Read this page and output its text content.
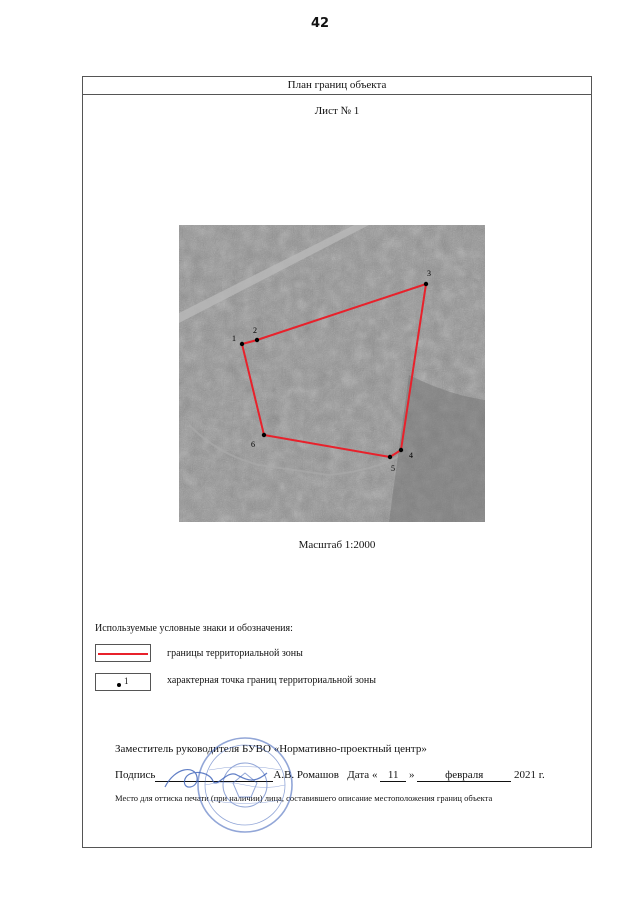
42
План границ объекта
Лист № 1
1
2
3
4
5
6
Масштаб 1:2000
Используемые условные знаки и обозначения:
границы территориальной зоны
1	характерная точка границ территориальной зоны
Заместитель руководителя БУВО «Нормативно-проектный центр»
Подпись	А.В. Ромашов Дата « 11 »	февраля	2021 г.
Место для оттиска печати (при наличии) лица, составившего описание местоположения границ объекта
